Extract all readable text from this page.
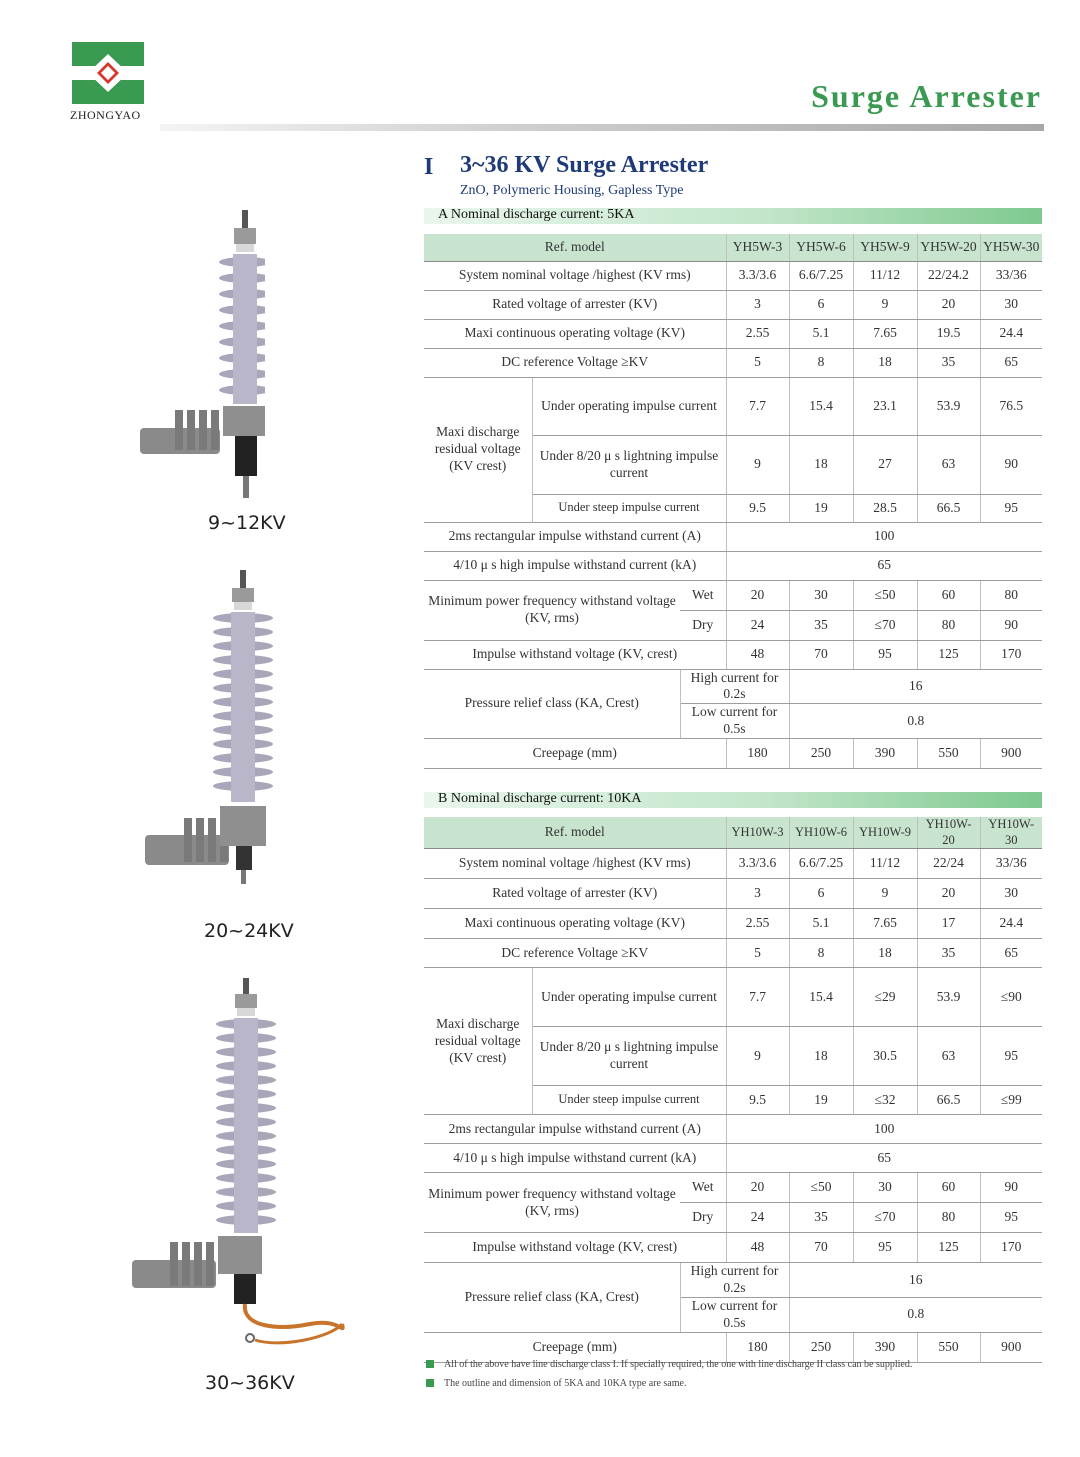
ZHONGYAO
Surge Arrester
I 3~36 KV Surge Arrester
ZnO, Polymeric Housing, Gapless Type
9~12KV
20~24KV
30~36KV
A Nominal discharge current: 5KA
Ref. model			YH5W-3	YH5W-6	YH5W-9	YH5W-20	YH5W-30
System nominal voltage /highest (KV rms)			3.3/3.6	6.6/7.25	11/12	22/24.2	33/36
Rated voltage of arrester (KV)			3	6	9	20	30
Maxi continuous operating voltage (KV)			2.55	5.1	7.65	19.5	24.4
DC reference Voltage ≥KV			5	8	18	35	65
Maxi discharge residual voltage (KV crest)	Under operating impulse current		7.7	15.4	23.1	53.9	76.5
	Under 8/20 μ s lightning impulse current		9	18	27	63	90
	Under steep impulse current		9.5	19	28.5	66.5	95
2ms rectangular impulse withstand current (A)			100				
4/10 μ s high impulse withstand current (kA)			65				
Minimum power frequency withstand voltage (KV, rms)		Wet	20	30	≤50	60	80
		Dry	24	35	≤70	80	90
Impulse withstand voltage (KV, crest)			48	70	95	125	170
Pressure relief class (KA, Crest)		High current for 0.2s		16			
		Low current for 0.5s		0.8			
Creepage (mm)			180	250	390	550	900
B Nominal discharge current: 10KA
Ref. model			YH10W-3	YH10W-6	YH10W-9	YH10W-20	YH10W-30
System nominal voltage /highest (KV rms)			3.3/3.6	6.6/7.25	11/12	22/24	33/36
Rated voltage of arrester (KV)			3	6	9	20	30
Maxi continuous operating voltage (KV)			2.55	5.1	7.65	17	24.4
DC reference Voltage ≥KV			5	8	18	35	65
Maxi discharge residual voltage (KV crest)	Under operating impulse current		7.7	15.4	≤29	53.9	≤90
	Under 8/20 μ s lightning impulse current		9	18	30.5	63	95
	Under steep impulse current		9.5	19	≤32	66.5	≤99
2ms rectangular impulse withstand current (A)			100				
4/10 μ s high impulse withstand current (kA)			65				
Minimum power frequency withstand voltage (KV, rms)		Wet	20	≤50	30	60	90
		Dry	24	35	≤70	80	95
Impulse withstand voltage (KV, crest)			48	70	95	125	170
Pressure relief class (KA, Crest)		High current for 0.2s		16			
		Low current for 0.5s		0.8			
Creepage (mm)			180	250	390	550	900
All of the above have line discharge class I. If specially required, the one with line discharge II class can be supplied.
The outline and dimension of 5KA and 10KA type are same.
